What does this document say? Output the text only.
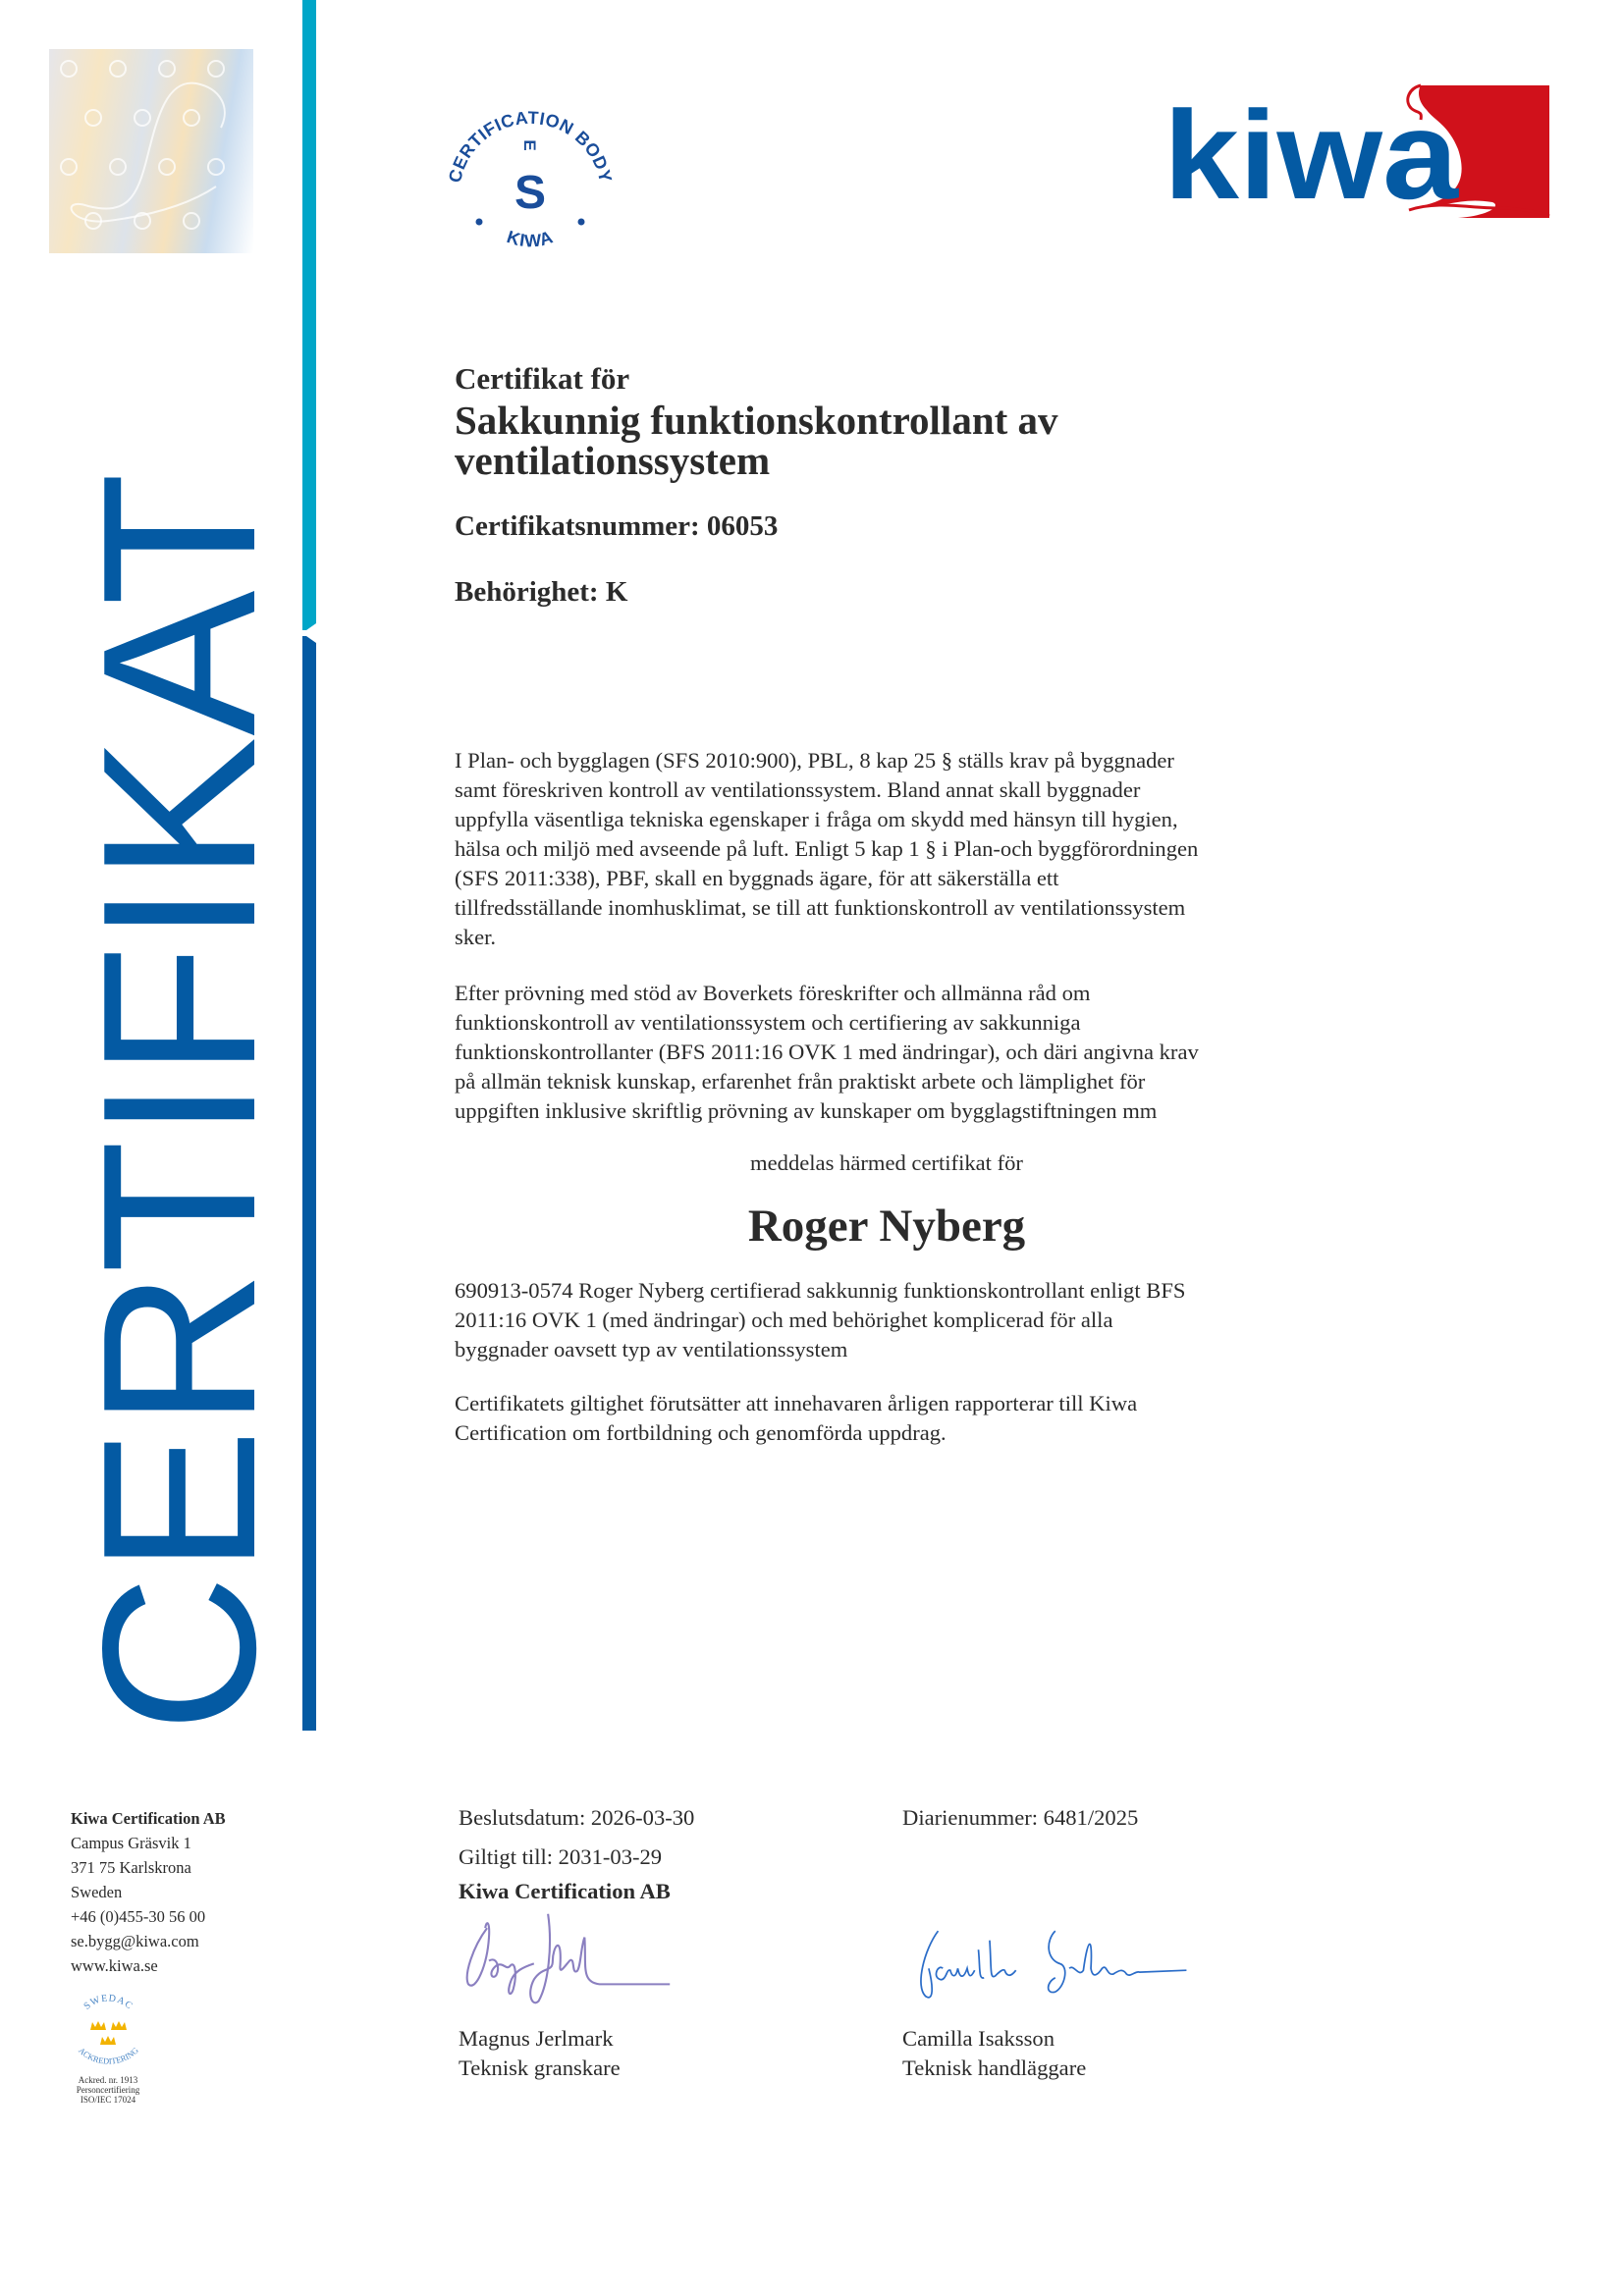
CERTIFIKAT
CERTIFICATION BODY
KIWA
E
S	kiwa
Certifikat för
Sakkunnig funktionskontrollant av
ventilationssystem
Certifikatsnummer: 06053
Behörighet: K
I Plan- och bygglagen (SFS 2010:900), PBL, 8 kap 25 § ställs krav på byggnader
samt föreskriven kontroll av ventilationssystem. Bland annat skall byggnader
uppfylla väsentliga tekniska egenskaper i fråga om skydd med hänsyn till hygien,
hälsa och miljö med avseende på luft. Enligt 5 kap 1 § i Plan-och byggförordningen
(SFS 2011:338), PBF, skall en byggnads ägare, för att säkerställa ett
tillfredsställande inomhusklimat, se till att funktionskontroll av ventilationssystem
sker.
Efter prövning med stöd av Boverkets föreskrifter och allmänna råd om
funktionskontroll av ventilationssystem och certifiering av sakkunniga
funktionskontrollanter (BFS 2011:16 OVK 1 med ändringar), och däri angivna krav
på allmän teknisk kunskap, erfarenhet från praktiskt arbete och lämplighet för
uppgiften inklusive skriftlig prövning av kunskaper om bygglagstiftningen mm
meddelas härmed certifikat för
Roger Nyberg
690913-0574 Roger Nyberg certifierad sakkunnig funktionskontrollant enligt BFS
2011:16 OVK 1 (med ändringar) och med behörighet komplicerad för alla
byggnader oavsett typ av ventilationssystem
Certifikatets giltighet förutsätter att innehavaren årligen rapporterar till Kiwa
Certification om fortbildning och genomförda uppdrag.
Kiwa Certification AB
Campus Gräsvik 1
371 75 Karlskrona
Sweden
+46 (0)455-30 56 00
se.bygg@kiwa.com
www.kiwa.se
SWEDAC
ACKREDITERING
Ackred. nr. 1913
Personcertifiering
ISO/IEC 17024
Beslutsdatum: 2026-03-30
Giltigt till: 2031-03-29
Kiwa Certification AB
Diarienummer: 6481/2025
Magnus Jerlmark
Teknisk granskare
Camilla Isaksson
Teknisk handläggare
